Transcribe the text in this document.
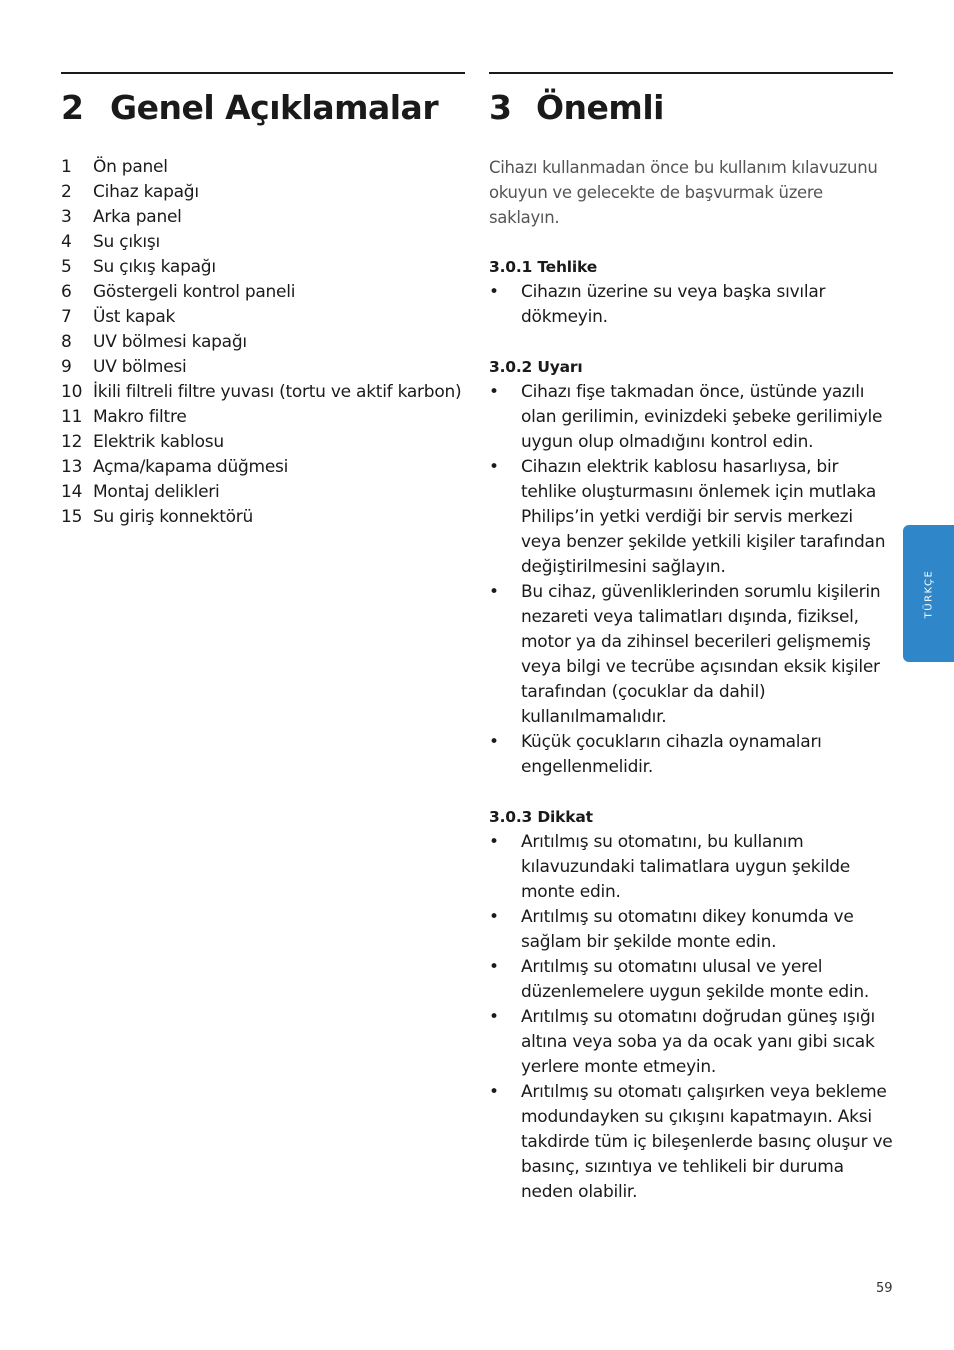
2 Genel Açıklamalar 3 Önemli
1	Ön panel
2	Cihaz kapağı
3	Arka panel
4	Su çıkışı
5	Su çıkış kapağı
6	Göstergeli kontrol paneli
7	Üst kapak
8	UV bölmesi kapağı
9	UV bölmesi
10 İkili filtreli filtre yuvası (tortu ve aktif karbon)
11 Makro filtre
12 Elektrik kablosu
13 Açma/kapama düğmesi
14 Montaj delikleri
15 Su giriş konnektörü

Cihazı kullanmadan önce bu kullanım kılavuzunu okuyun ve gelecekte de başvurmak üzere saklayın.

3.0.1 Tehlike
• Cihazın üzerine su veya başka sıvılar dökmeyin.
3.0.2 Uyarı
• Cihazı fişe takmadan önce, üstünde yazılı olan gerilimin, evinizdeki şebeke gerilimiyle uygun olup olmadığını kontrol edin.
• Cihazın elektrik kablosu hasarlıysa, bir tehlike oluşturmasını önlemek için mutlaka Philips’in yetki verdiği bir servis merkezi veya benzer şekilde yetkili kişiler tarafından değiştirilmesini sağlayın.
• Bu cihaz, güvenliklerinden sorumlu kişilerin nezareti veya talimatları dışında, fiziksel, motor ya da zihinsel becerileri gelişmemiş veya bilgi ve tecrübe açısından eksik kişiler tarafından (çocuklar da dahil) kullanılmamalıdır.
• Küçük çocukların cihazla oynamaları engellenmelidir.
3.0.3 Dikkat
• Arıtılmış su otomatını, bu kullanım kılavuzundaki talimatlara uygun şekilde monte edin.
• Arıtılmış su otomatını dikey konumda ve sağlam bir şekilde monte edin.
• Arıtılmış su otomatını ulusal ve yerel düzenlemelere uygun şekilde monte edin.
• Arıtılmış su otomatını doğrudan güneş ışığı altına veya soba ya da ocak yanı gibi sıcak yerlere monte etmeyin.
• Arıtılmış su otomatı çalışırken veya bekleme modundayken su çıkışını kapatmayın. Aksi takdirde tüm iç bileşenlerde basınç oluşur ve basınç, sızıntıya ve tehlikeli bir duruma neden olabilir.
TÜRKÇE
59
